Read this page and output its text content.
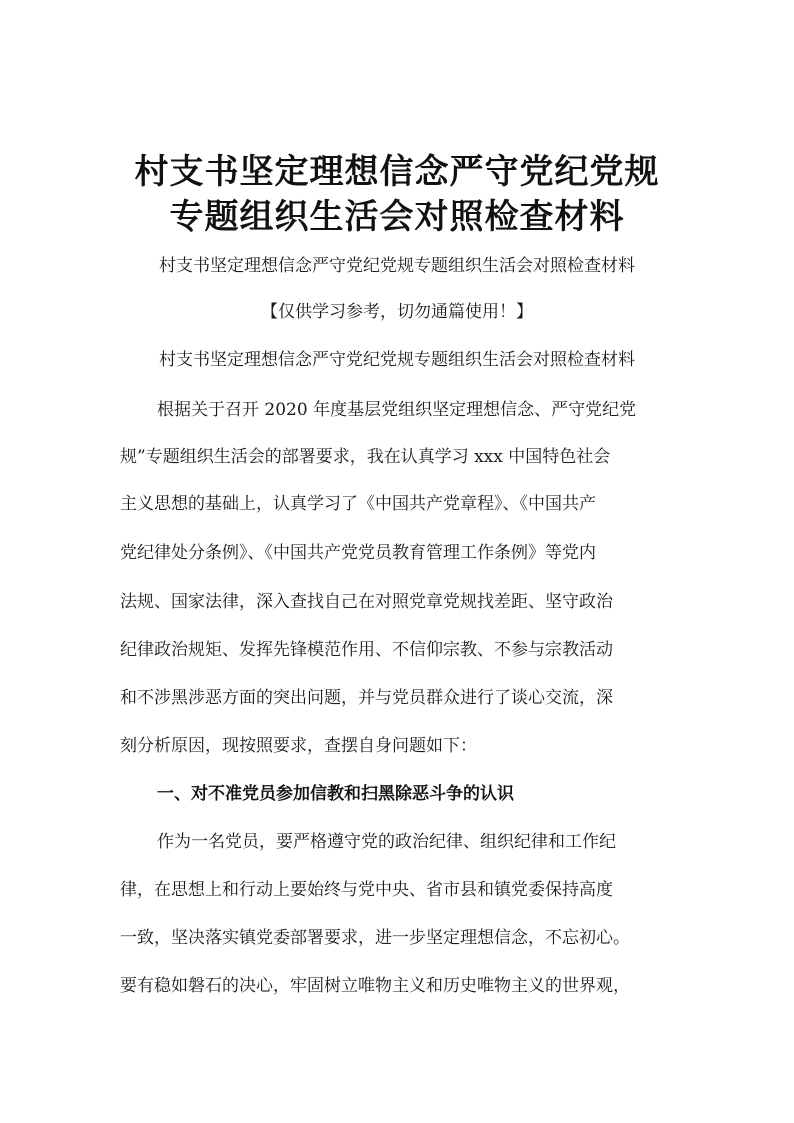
村支书坚定理想信念严守党纪党规
专题组织生活会对照检查材料
村支书坚定理想信念严守党纪党规专题组织生活会对照检查材料
【仅供学习参考，切勿通篇使用！】
村支书坚定理想信念严守党纪党规专题组织生活会对照检查材料
根据关于召开 2020 年度基层党组织坚定理想信念、严守党纪党
规”专题组织生活会的部署要求，我在认真学习 xxx 中国特色社会
主义思想的基础上，认真学习了《中国共产党章程》、《中国共产
党纪律处分条例》、《中国共产党党员教育管理工作条例》等党内
法规、国家法律，深入查找自己在对照党章党规找差距、坚守政治
纪律政治规矩、发挥先锋模范作用、不信仰宗教、不参与宗教活动
和不涉黑涉恶方面的突出问题，并与党员群众进行了谈心交流，深
刻分析原因，现按照要求，查摆自身问题如下：
一、对不准党员参加信教和扫黑除恶斗争的认识
作为一名党员，要严格遵守党的政治纪律、组织纪律和工作纪
律，在思想上和行动上要始终与党中央、省市县和镇党委保持高度
一致，坚决落实镇党委部署要求，进一步坚定理想信念，不忘初心。
要有稳如磐石的决心，牢固树立唯物主义和历史唯物主义的世界观，
